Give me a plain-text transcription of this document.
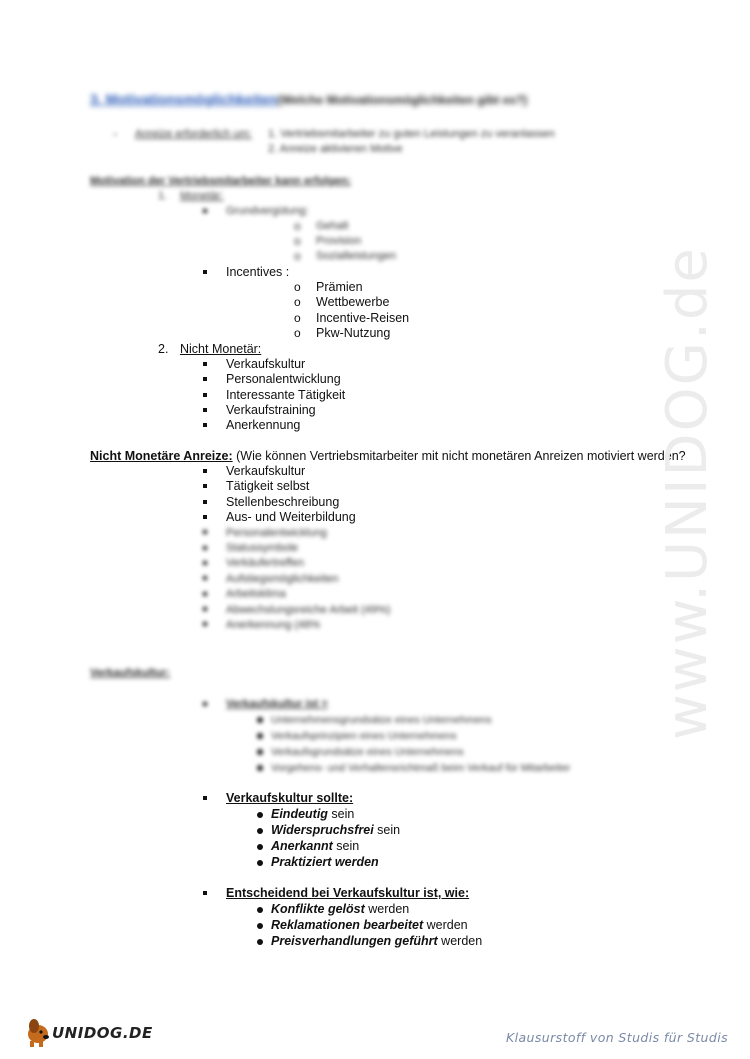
3. Motivationsmöglichkeiten(Welche Motivationsmöglichkeiten gibt es?)
- Anreize erforderlich um: 1. Vertriebsmitarbeiter zu guten Leistungen zu veranlassen
2. Anreize aktivieren Motive
Motivation der Vertriebsmitarbeiter kann erfolgen:
1. Monetär:
Grundvergütung:
o Gehalt
o Provision
o Sozialleistungen
Incentives :
o Prämien
o Wettbewerbe
o Incentive-Reisen
o Pkw-Nutzung
2. Nicht Monetär:
Verkaufskultur
Personalentwicklung
Interessante Tätigkeit
Verkaufstraining
Anerkennung
Nicht Monetäre Anreize: (Wie können Vertriebsmitarbeiter mit nicht monetären Anreizen motiviert werden?
Verkaufskultur
Tätigkeit selbst
Stellenbeschreibung
Aus- und Weiterbildung
Personalentwicklung
Statussymbole
Verkäufertreffen
Aufstiegsmöglichkeiten
Arbeitsklima
Abwechslungsreiche Arbeit (49%)
Anerkennung (48%
Verkaufskultur:
Verkaufskultur ist =
Unternehmensgrundsätze eines Unternehmens
Verkaufsprinzipien eines Unternehmens
Verkaufsgrundsätze eines Unternehmens
Vorgehens- und Verhaltensrichtmaß beim Verkauf für Mitarbeiter
Verkaufskultur sollte:
Eindeutig sein
Widerspruchsfrei sein
Anerkannt sein
Praktiziert werden
Entscheidend bei Verkaufskultur ist, wie:
Konflikte gelöst werden
Reklamationen bearbeitet werden
Preisverhandlungen geführt werden
www.UNIDOG.de
UNIDOG.DE	Klausurstoff von Studis für Studis
